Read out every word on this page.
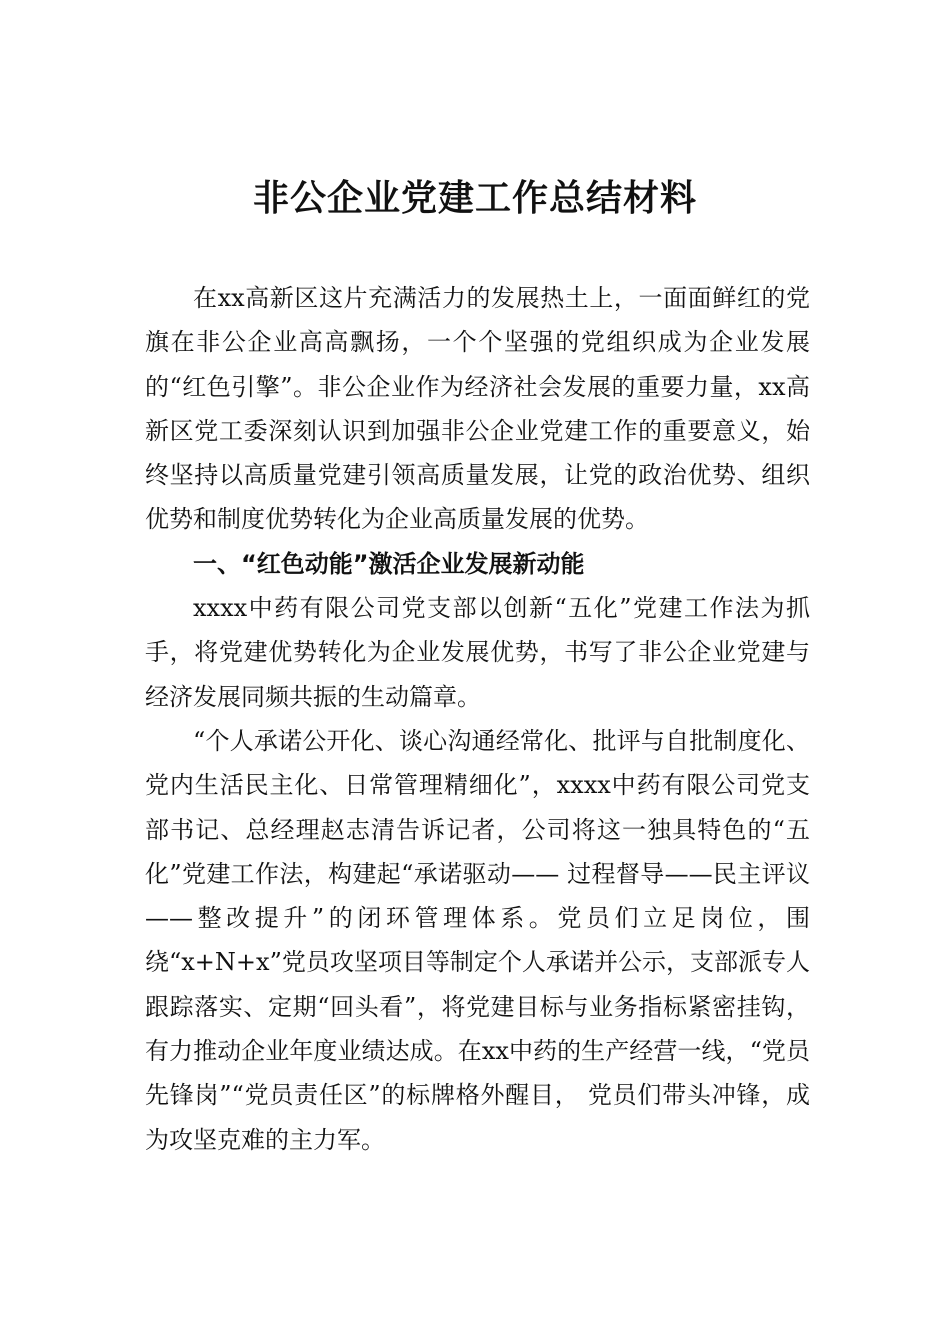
非公企业党建工作总结材料

在xx高新区这片充满活力的发展热土上，一面面鲜红的党旗在非公企业高高飘扬，一个个坚强的党组织成为企业发展的“红色引擎”。非公企业作为经济社会发展的重要力量，xx高新区党工委深刻认识到加强非公企业党建工作的重要意义，始终坚持以高质量党建引领高质量发展，让党的政治优势、组织优势和制度优势转化为企业高质量发展的优势。

一、“红色动能”激活企业发展新动能

xxxx中药有限公司党支部以创新“五化”党建工作法为抓手，将党建优势转化为企业发展优势，书写了非公企业党建与经济发展同频共振的生动篇章。

“个人承诺公开化、谈心沟通经常化、批评与自批制度化、党内生活民主化、日常管理精细化”，xxxx中药有限公司党支部书记、总经理赵志清告诉记者，公司将这一独具特色的“五化”党建工作法，构建起“承诺驱动—— 过程督导——民主评议——整改提升”的闭环管理体系。党员们立足岗位，围绕“x+N+x”党员攻坚项目等制定个人承诺并公示，支部派专人跟踪落实、定期“回头看”，将党建目标与业务指标紧密挂钩，有力推动企业年度业绩达成。在xx中药的生产经营一线，“党员先锋岗”“党员责任区”的标牌格外醒目， 党员们带头冲锋，成为攻坚克难的主力军。
